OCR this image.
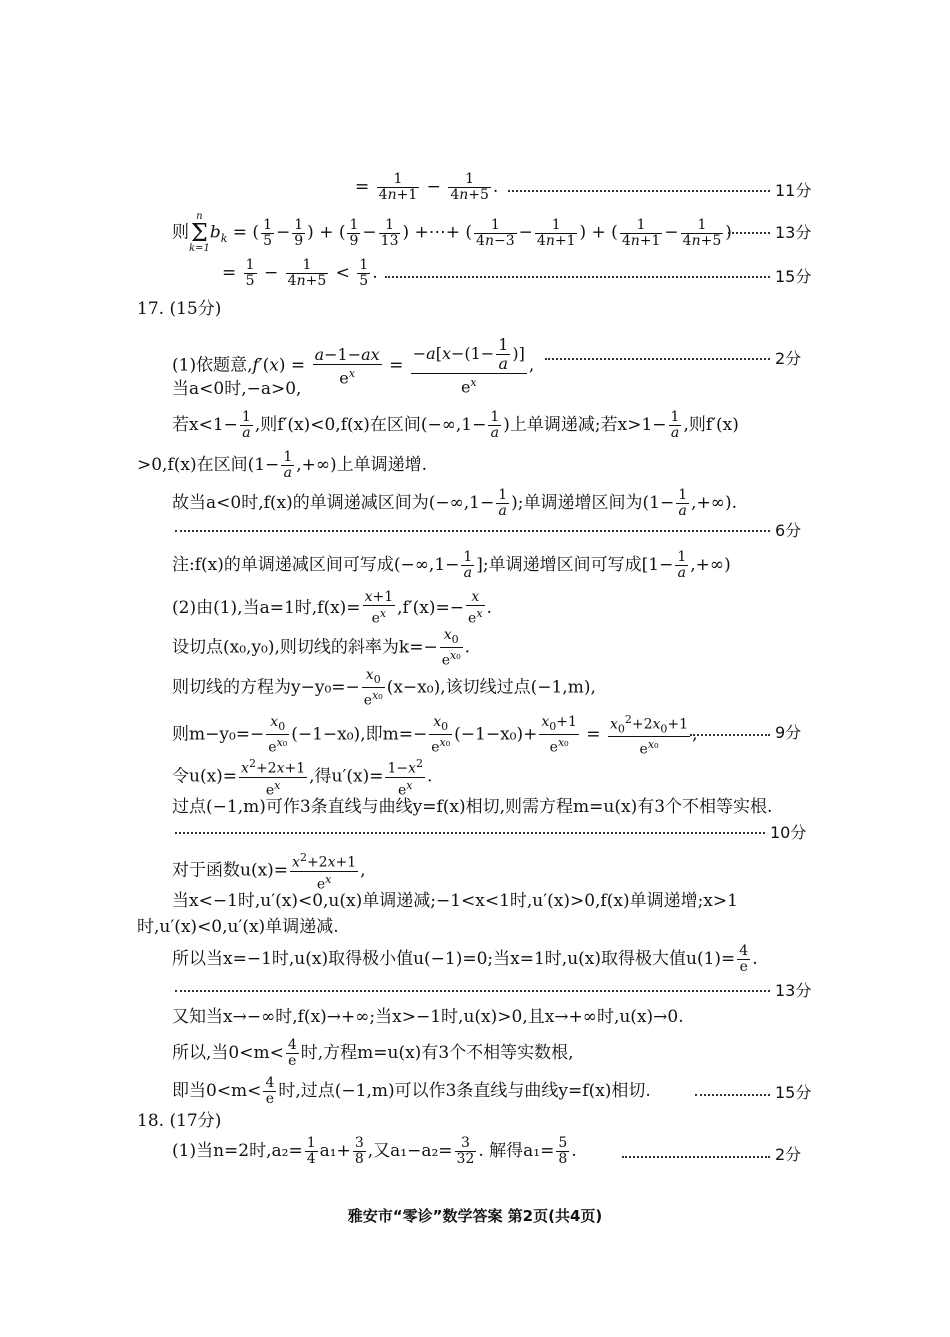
= $\frac{1}{4n+1} - \frac{1}{4n+5}$ .	11分
则
n
Σ
k=1
$b_k$ = ( $\frac{1}{5} - \frac{1}{9}$ ) + ( $\frac{1}{9} - \frac{1}{13}$ ) +⋯+ ( $\frac{1}{4n-3} - \frac{1}{4n+1}$ ) + ( $\frac{1}{4n+1} - \frac{1}{4n+5}$ )	13分
= $\frac{1}{5} - \frac{1}{4n+5} < \frac{1}{5}$ .	15分
17. (15分)
(1)依题意$,f'(x) = \frac{a-1-ax}{e^x} = \frac{-a[x-(1- \frac{1}{a} )]}{e^x}$ ,	2分
当a<0时,−a>0,
若$x<1- \frac{1}{a}$ ,则f′(x)<0,f(x)在区间($-\infty,1- \frac{1}{a}$ )上单调递减;若$x>1- \frac{1}{a}$ ,则f′(x)
>0,f(x)在区间($1- \frac{1}{a}$ ,+∞)上单调递增.
故当a<0时,f(x)的单调递减区间为($-\infty,1- \frac{1}{a}$ );单调递增区间为($1- \frac{1}{a}$ ,+∞).
6分
注:f(x)的单调递减区间可写成($-\infty,1- \frac{1}{a}$ ];单调递增区间可写成[$1- \frac{1}{a}$ ,+∞)
(2)由(1),当a=1时$,f(x)= \frac{x+1}{e^x} ,f'(x)=- \frac{x}{e^x}$ .
设切点(x₀,y₀),则切线的斜率为$k=- \frac{x_0}{e^{x_0}}$ .
则切线的方程为$y-y_0=- \frac{x_0}{e^{x_0}} (x-x_0)$,该切线过点(−1,m),
则$m-y_0=- \frac{x_0}{e^{x_0}} (-1-x_0)$,即$m=- \frac{x_0}{e^{x_0}} (-1-x_0)+ \frac{x_0+1}{e^{x_0}} = \frac{x_0^2+2x_0+1}{e^{x_0}}$ ,	9分
令$u(x)= \frac{x^2+2x+1}{e^x}$ ,得$u'(x)= \frac{1-x^2}{e^x}$ .
过点(−1,m)可作3条直线与曲线y=f(x)相切,则需方程m=u(x)有3个不相等实根.
10分
对于函数$u(x)= \frac{x^2+2x+1}{e^x}$ ,
当x<−1时,u′(x)<0,u(x)单调递减;−1<x<1时,u′(x)>0,f(x)单调递增;x>1
时,u′(x)<0,u′(x)单调递减.
所以当x=−1时,u(x)取得极小值u(−1)=0;当x=1时,u(x)取得极大值$u(1)= \frac{4}{e}$ .
13分
又知当x→−∞时,f(x)→+∞;当x>−1时,u(x)>0,且x→+∞时,u(x)→0.
所以,当$0<m< \frac{4}{e}$ 时,方程m=u(x)有3个不相等实数根,
即当$0<m< \frac{4}{e}$ 时,过点(−1,m)可以作3条直线与曲线y=f(x)相切.	15分
18. (17分)
(1)当n=2时$,a_2= \frac{1}{4} a_1+ \frac{3}{8}$ ,又$a_1-a_2= \frac{3}{32}$ . 解得$a_1= \frac{5}{8}$ .	2分
雅安市“零诊”数学答案 第2页(共4页)
